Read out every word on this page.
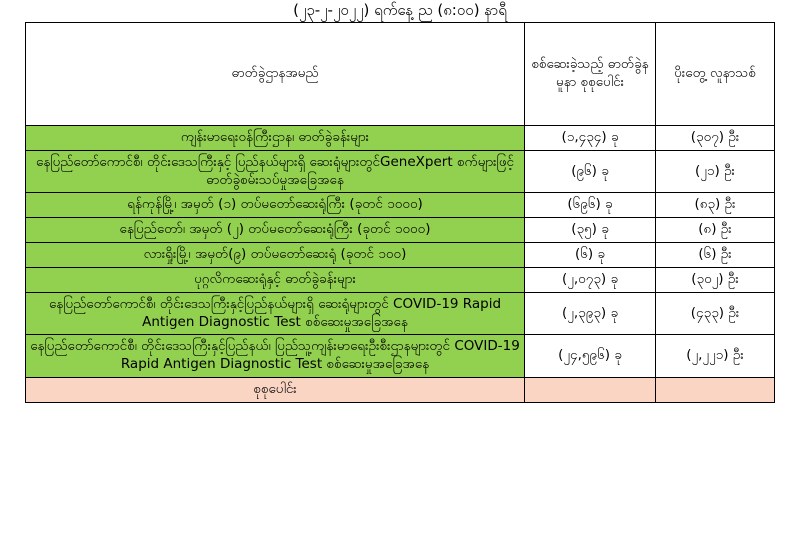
(၂၃-၂-၂၀၂၂) ရက်နေ့ ည (၈:၀၀) နာရီ
ဓာတ်ခွဲဌာနအမည်	စစ်ဆေးခဲ့သည့် ဓာတ်ခွဲနမူနာ စုစုပေါင်း	ပိုးတွေ့ လူနာသစ်
ကျန်းမာရေးဝန်ကြီးဌာန၊ ဓာတ်ခွဲခန်းများ	(၁,၄၃၄) ခု	(၃၀၇) ဦး
နေပြည်တော်ကောင်စီ၊ တိုင်းဒေသကြီးနှင့် ပြည်နယ်များရှိ ဆေးရုံများတွင်GeneXpert စက်များဖြင့် ဓာတ်ခွဲစမ်းသပ်မှုအခြေအနေ	(၉၆) ခု	(၂၁) ဦး
ရန်ကုန်မြို့၊ အမှတ် (၁) တပ်မတော်ဆေးရုံကြီး (ခုတင် ၁၀၀၀)	(၆၉၆) ခု	(၈၃) ဦး
နေပြည်တော်၊ အမှတ် (၂) တပ်မတော်ဆေးရုံကြီး (ခုတင် ၁၀၀၀)	(၃၅) ခု	(၈) ဦး
လားရှိုးမြို့၊ အမှတ်(၉) တပ်မတော်ဆေးရုံ (ခုတင် ၁၀၀)	(၆) ခု	(၆) ဦး
ပုဂ္ဂလိကဆေးရုံနှင့် ဓာတ်ခွဲခန်းများ	(၂,၀၇၃) ခု	(၃၀၂) ဦး
နေပြည်တော်ကောင်စီ၊ တိုင်းဒေသကြီးနှင့်ပြည်နယ်များရှိ ဆေးရုံများတွင် COVID-19 Rapid Antigen Diagnostic Test စစ်ဆေးမှုအခြေအနေ	(၂,၃၉၃) ခု	(၄၃၃) ဦး
နေပြည်တော်ကောင်စီ၊ တိုင်းဒေသကြီးနှင့်ပြည်နယ်၊ ပြည်သူ့ကျန်းမာရေးဦးစီးဌာနများတွင် COVID-19 Rapid Antigen Diagnostic Test စစ်ဆေးမှုအခြေအနေ	(၂၄,၅၉၆) ခု	(၂,၂၂၁) ဦး
စုစုပေါင်း		
